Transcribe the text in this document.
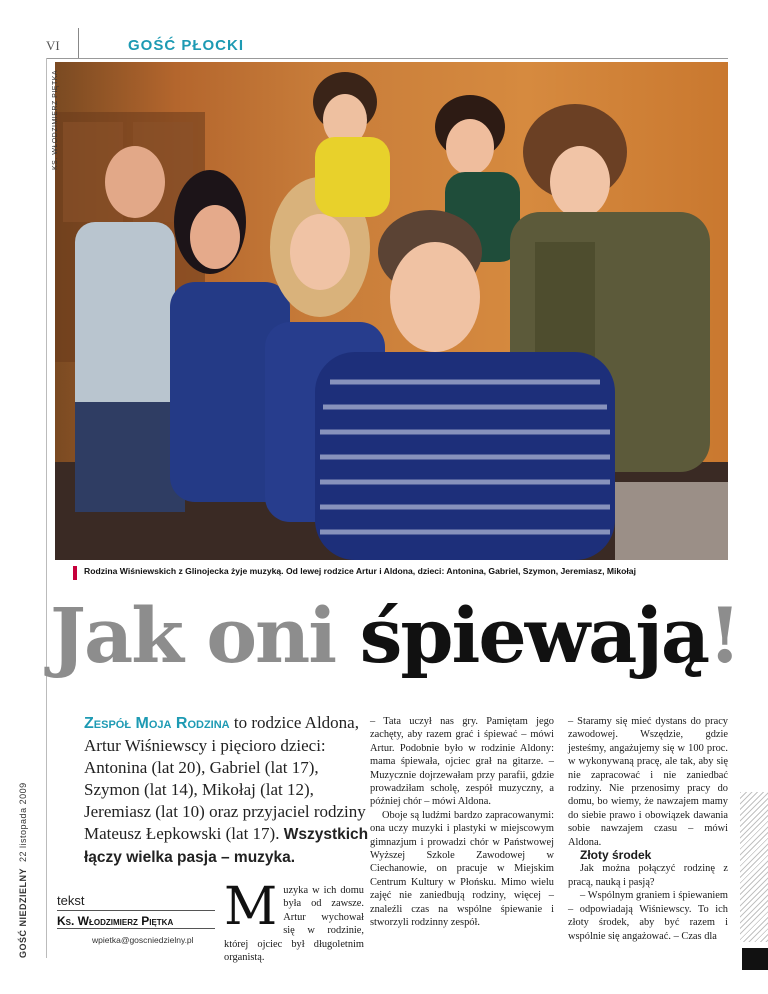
VI	GOŚĆ PŁOCKI
KS. WŁODZIMIERZ PIĘTKA
Rodzina Wiśniewskich z Glinojecka żyje muzyką. Od lewej rodzice Artur i Aldona, dzieci: Antonina, Gabriel, Szymon, Jeremiasz, Mikołaj
Jak oni śpiewają!
GOŚĆ NIEDZIELNY  22 listopada 2009
Zespół Moja Rodzina to rodzice Aldona, Artur Wiśniewscy i pięcioro dzieci: Antonina (lat 20), Gabriel (lat 17), Szymon (lat 14), Mikołaj (lat 12), Jeremiasz (lat 10) oraz przyjaciel rodziny Mateusz Łepkowski (lat 17). Wszystkich łączy wielka pasja – muzyka.
tekst
Ks. Włodzimierz Piętka
wpietka@goscniedzielny.pl

Muzyka w ich domu była od zawsze. Artur wychował się w rodzinie, której ojciec był długoletnim organistą.

– Tata uczył nas gry. Pamiętam jego zachęty, aby razem grać i śpiewać – mówi Artur. Podobnie było w rodzinie Aldony: mama śpiewała, ojciec grał na gitarze. – Muzycznie dojrzewałam przy parafii, gdzie prowadziłam scholę, zespół muzyczny, a później chór – mówi Aldona.

Oboje są ludźmi bardzo zapracowanymi: ona uczy muzyki i plastyki w miejscowym gimnazjum i prowadzi chór w Państwowej Wyższej Szkole Zawodowej w Ciechanowie, on pracuje w Miejskim Centrum Kultury w Płońsku. Mimo wielu zajęć nie zaniedbują rodziny, więcej – znaleźli czas na wspólne śpiewanie i stworzyli rodzinny zespół.

– Staramy się mieć dystans do pracy zawodowej. Wszędzie, gdzie jesteśmy, angażujemy się w 100 proc. w wykonywaną pracę, ale tak, aby się nie zapracować i nie zaniedbać rodziny. Nie przenosimy pracy do domu, bo wiemy, że nawzajem mamy do siebie prawo i obowiązek dawania sobie nawzajem czasu – mówi Aldona.

Złoty środek

Jak można połączyć rodzinę z pracą, nauką i pasją?

– Wspólnym graniem i śpiewaniem – odpowiadają Wiśniewscy. To ich złoty środek, aby być razem i wspólnie się angażować. – Czas dla
